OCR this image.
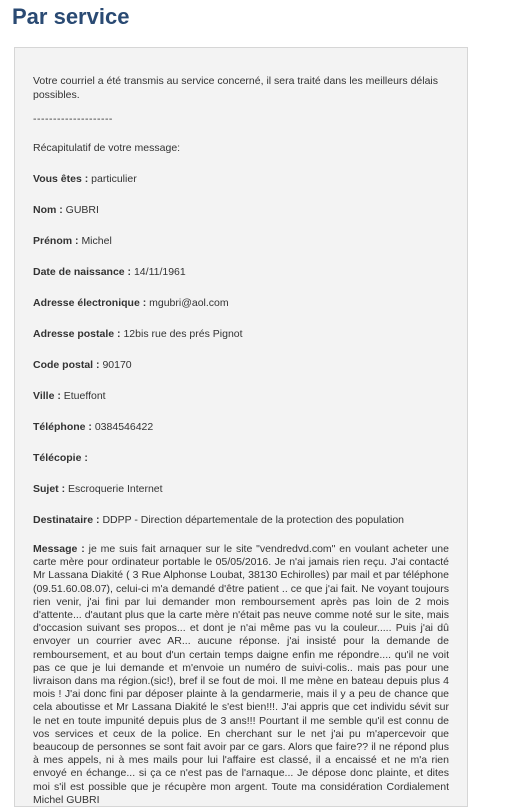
Par service

Votre courriel a été transmis au service concerné, il sera traité dans les meilleurs délais possibles.

--------------------
Récapitulatif de votre message:
Vous êtes : particulier
Nom : GUBRI
Prénom : Michel
Date de naissance : 14/11/1961
Adresse électronique : mgubri@aol.com
Adresse postale : 12bis rue des prés Pignot
Code postal : 90170
Ville : Etueffont
Téléphone : 0384546422
Télécopie :
Sujet : Escroquerie Internet
Destinataire : DDPP - Direction départementale de la protection des population
Message : je me suis fait arnaquer sur le site "vendredvd.com" en voulant acheter une carte mère pour ordinateur portable le 05/05/2016. Je n'ai jamais rien reçu. J'ai contacté Mr Lassana Diakité ( 3 Rue Alphonse Loubat, 38130 Echirolles) par mail et par téléphone (09.51.60.08.07), celui-ci m'a demandé d'être patient .. ce que j'ai fait. Ne voyant toujours rien venir, j'ai fini par lui demander mon remboursement après pas loin de 2 mois d'attente... d'autant plus que la carte mère n'était pas neuve comme noté sur le site, mais d'occasion suivant ses propos... et dont je n'ai même pas vu la couleur..... Puis j'ai dû envoyer un courrier avec AR... aucune réponse. j'ai insisté pour la demande de remboursement, et au bout d'un certain temps daigne enfin me répondre.... qu'il ne voit pas ce que je lui demande et m'envoie un numéro de suivi-colis.. mais pas pour une livraison dans ma région.(sic!), bref il se fout de moi. Il me mène en bateau depuis plus 4 mois ! J'ai donc fini par déposer plainte à la gendarmerie, mais il y a peu de chance que cela aboutisse et Mr Lassana Diakité le s'est bien!!!. J'ai appris que cet individu sévit sur le net en toute impunité depuis plus de 3 ans!!! Pourtant il me semble qu'il est connu de vos services et ceux de la police. En cherchant sur le net j'ai pu m'apercevoir que beaucoup de personnes se sont fait avoir par ce gars. Alors que faire?? il ne répond plus à mes appels, ni à mes mails pour lui l'affaire est classé, il a encaissé et ne m'a rien envoyé en échange... si ça ce n'est pas de l'arnaque... Je dépose donc plainte, et dites moi s'il est possible que je récupère mon argent. Toute ma considération Cordialement Michel GUBRI
